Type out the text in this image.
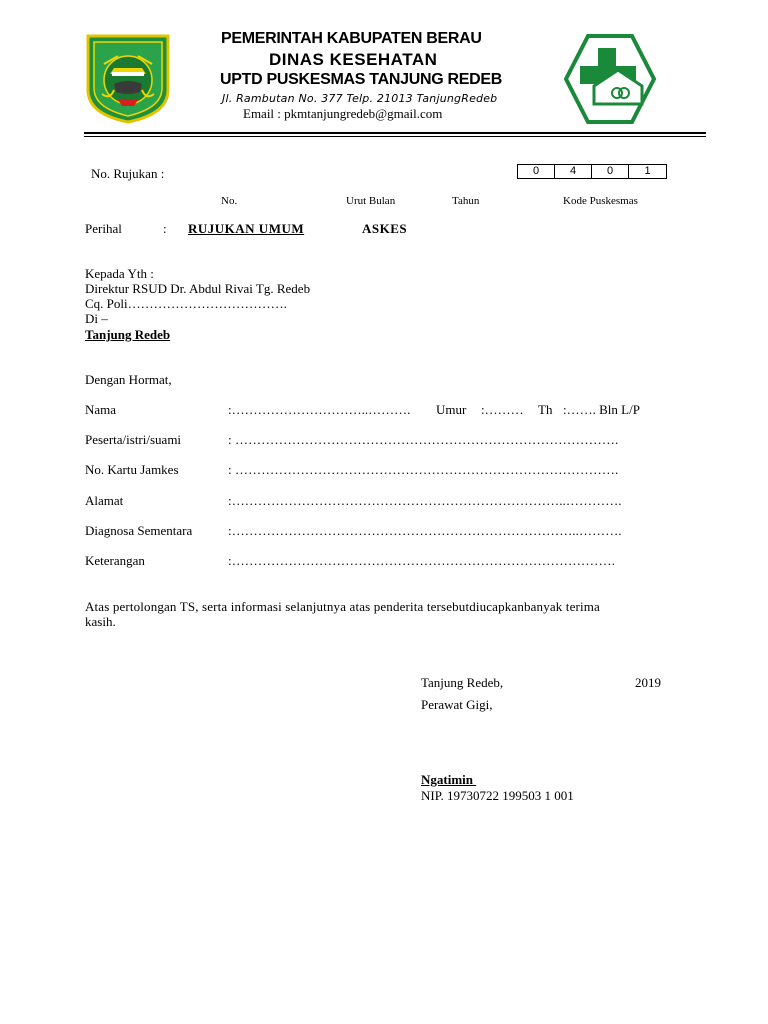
PEMERINTAH KABUPATEN BERAU
DINAS KESEHATAN
UPTD PUSKESMAS TANJUNG REDEB
Jl. Rambutan No. 377 Telp. 21013 TanjungRedeb
Email : pkmtanjungredeb@gmail.com
No. Rujukan :	0	4	0	1
No.	Urut Bulan	Tahun	Kode Puskesmas
Perihal	: RUJUKAN UMUM	ASKES
Kepada Yth :
Direktur RSUD Dr. Abdul Rivai Tg. Redeb
Cq. Poli……………………………….
Di –
Tanjung Redeb
Dengan Hormat,
Nama	:…………………………..………. Umur :……… Th :……. Bln L/P
Peserta/istri/suami	: …………………………………………………………………………….
No. Kartu Jamkes	: …………………………………………………………………………….
Alamat	:…………………………………………………………………..………….
Diagnosa Sementara	:……………………………………………………………………..……….
Keterangan	:…………………………………………………………………………….
Atas pertolongan TS, serta informasi selanjutnya atas penderita tersebutdiucapkanbanyak terima
kasih.
Tanjung Redeb,	2019
Perawat Gigi,
Ngatimin
NIP. 19730722 199503 1 001
